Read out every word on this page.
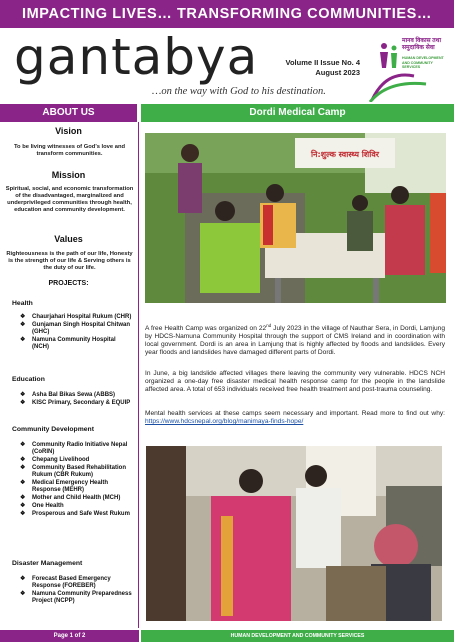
IMPACTING LIVES… TRANSFORMING COMMUNITIES…
gantabya
…on the way with God to his destination.
Volume II Issue No. 4
August 2023
मानव विकास तथा समुदायिक सेवा
HUMAN DEVELOPMENT AND COMMUNITY SERVICES
ABOUT US	Dordi Medical Camp
Vision
To be living witnesses of God's love and transform communities.
Mission
Spiritual, social, and economic transformation of the disadvantaged, marginalized and underprivileged communities through health, education and community development.
Values
Righteousness is the path of our life, Honesty is the strength of our life & Serving others is the duty of our life.
PROJECTS:
Health
❖ Chaurjahari Hospital Rukum (CHR)
❖ Gunjaman Singh Hospital Chitwan (GHC)
❖ Namuna Community Hospital (NCH)
Education
❖ Asha Bal Bikas Sewa (ABBS)
❖ KISC Primary, Secondary & EQUIP
Community Development
❖ Community Radio Initiative Nepal (CoRIN)
❖ Chepang Livelihood
❖ Community Based Rehabilitation Rukum (CBR Rukum)
❖ Medical Emergency Health Response (MEHR)
❖ Mother and Child Health (MCH)
❖ One Health
❖ Prosperous and Safe West Rukum
Disaster Management
❖ Forecast Based Emergency Response (FOREBER)
❖ Namuna Community Preparedness Project (NCPP)
नि:शुल्क स्वास्थ्य शिविर
A free Health Camp was organized on 22nd July 2023 in the village of Nauthar Sera, in Dordi, Lamjung by HDCS-Namuna Community Hospital through the support of CMS Ireland and in coordination with local government. Dordi is an area in Lamjung that is highly affected by floods and landslides. Every year floods and landslides have damaged different parts of Dordi.
In June, a big landslide affected villages there leaving the community very vulnerable. HDCS NCH organized a one-day free disaster medical health response camp for the people in the landslide affected area. A total of 653 individuals received free health treatment and post-trauma counseling.
Mental health services at these camps seem necessary and important. Read more to find out why: https://www.hdcsnepal.org/blog/manimaya-finds-hope/
Page 1 of 2	HUMAN DEVELOPMENT AND COMMUNITY SERVICES
